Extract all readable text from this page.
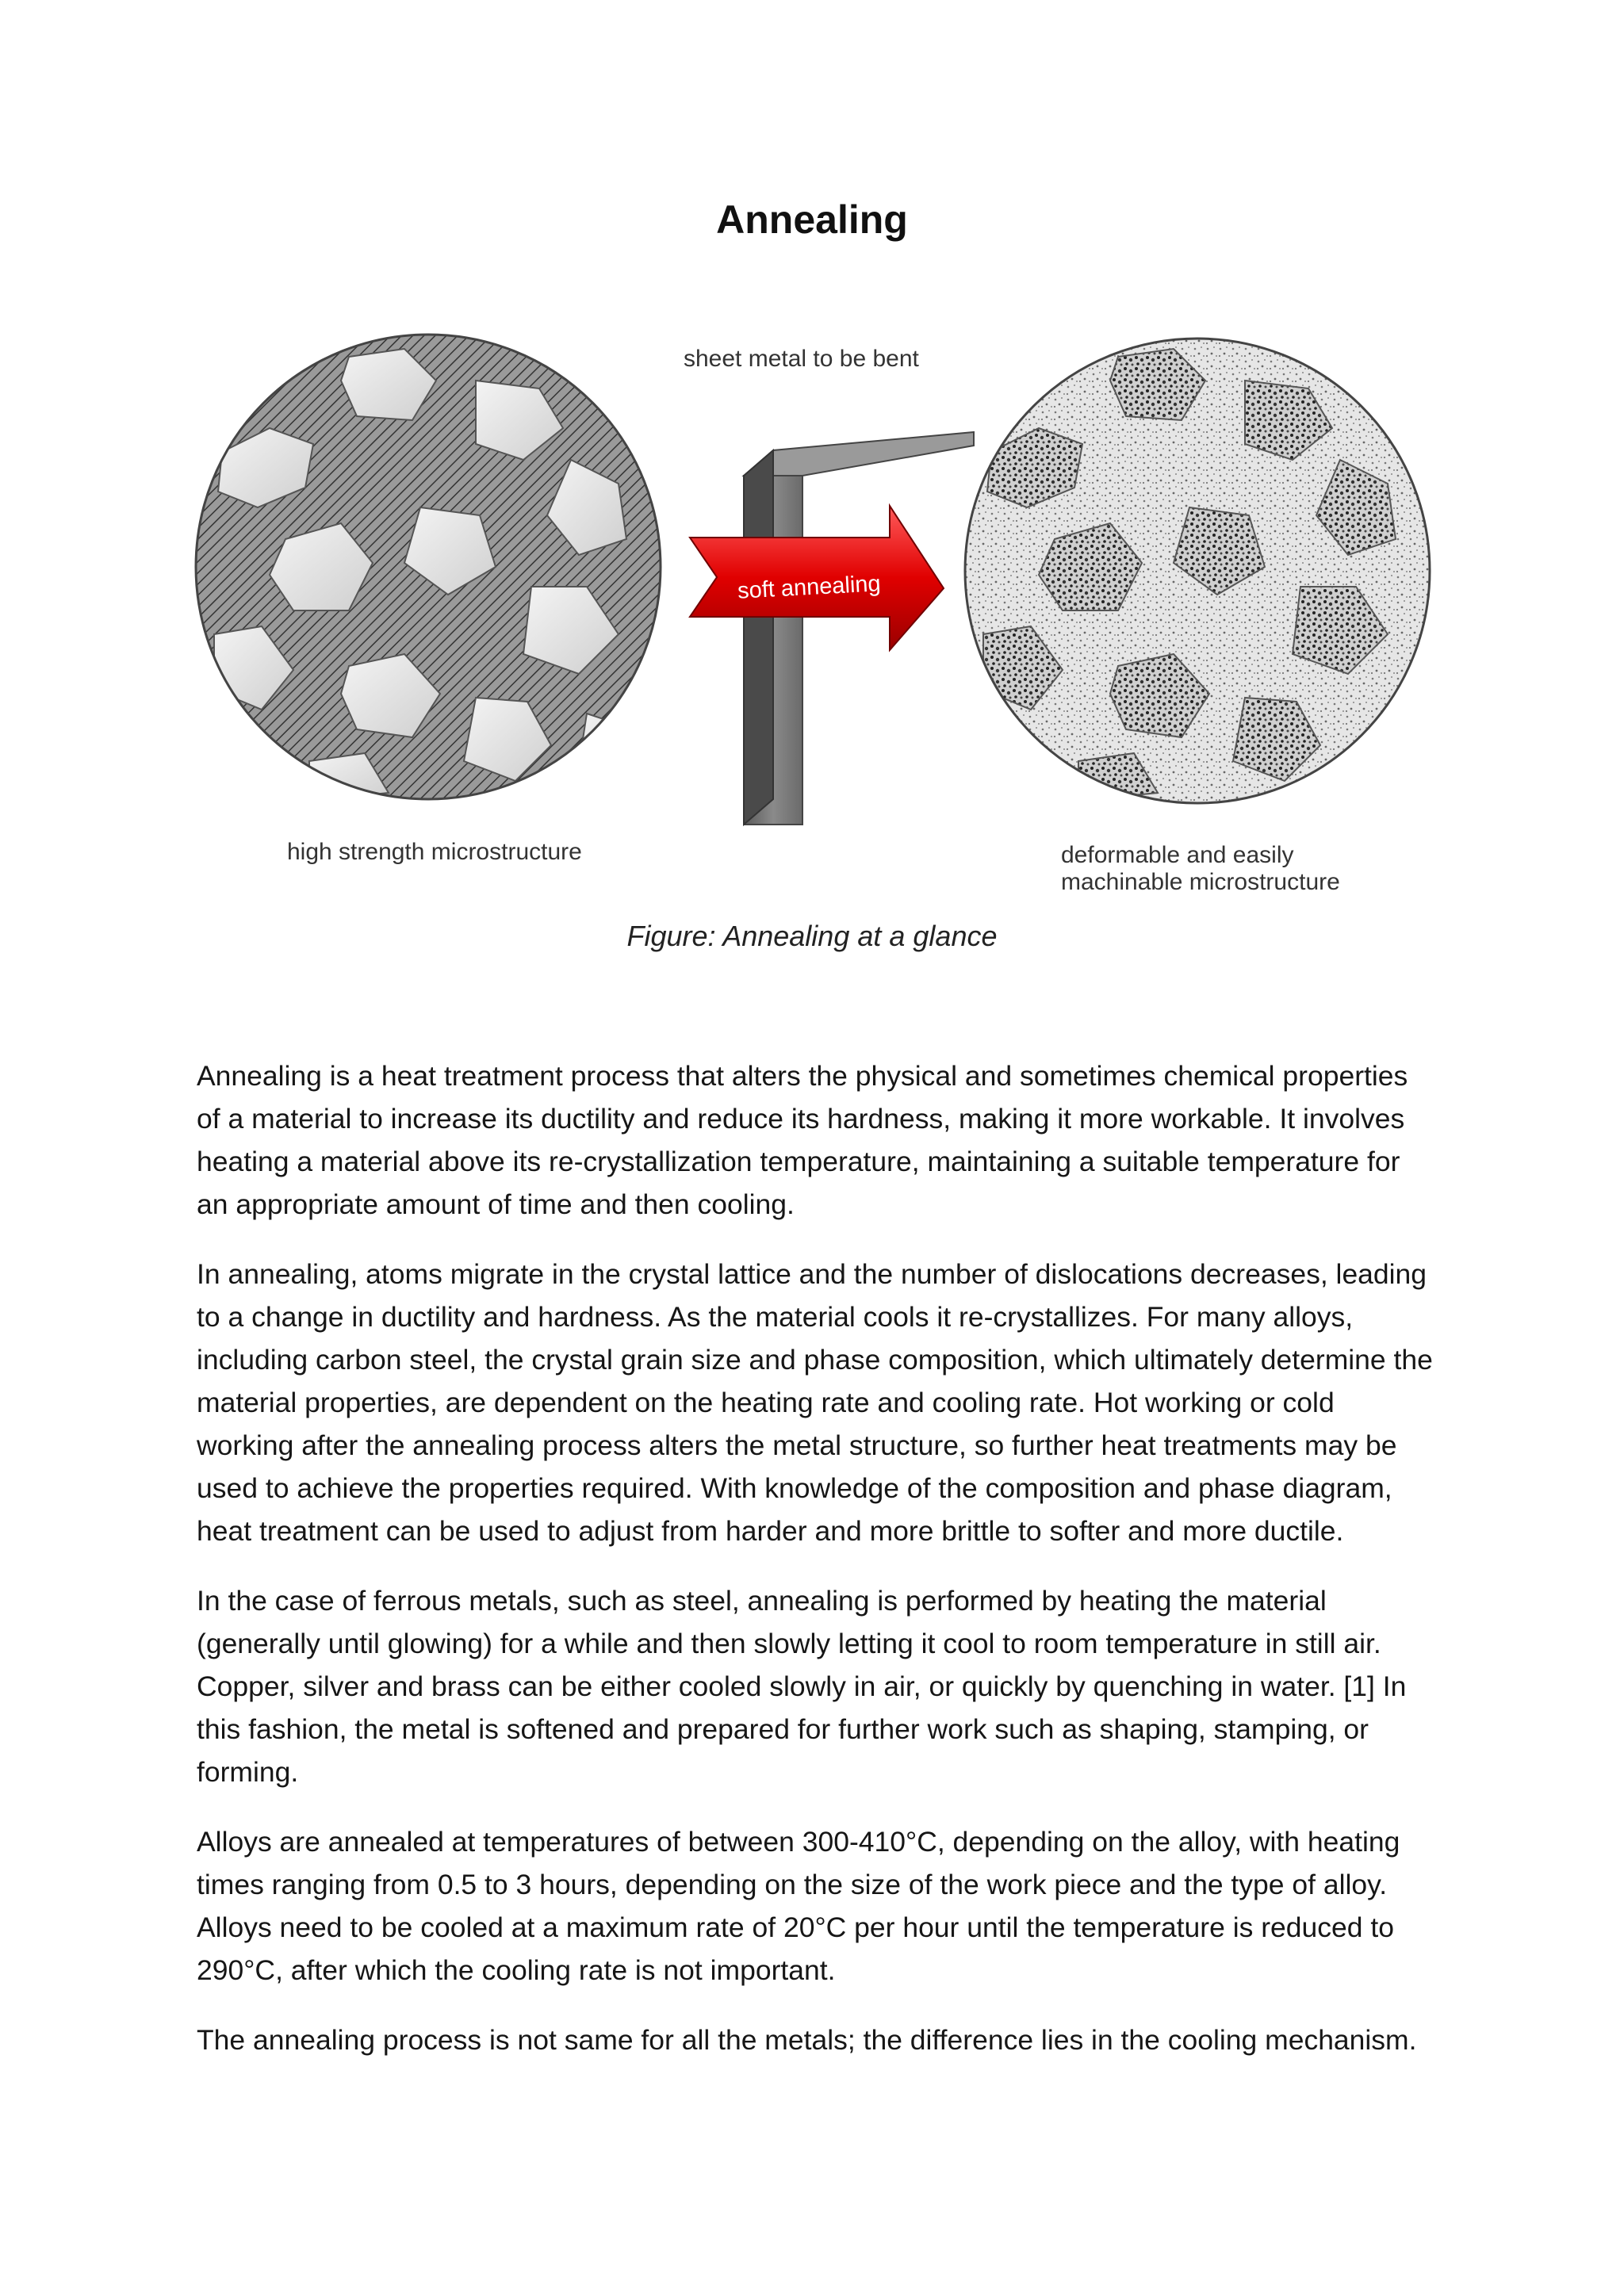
Annealing
soft annealing
sheet metal to be bent
high strength microstructure	deformable and easily
machinable microstructure

Figure: Annealing at a glance

Annealing is a heat treatment process that alters the physical and sometimes chemical properties of a material to increase its ductility and reduce its hardness, making it more workable. It involves heating a material above its re-crystallization temperature, maintaining a suitable temperature for an appropriate amount of time and then cooling.

In annealing, atoms migrate in the crystal lattice and the number of dislocations decreases, leading to a change in ductility and hardness. As the material cools it re-crystallizes. For many alloys, including carbon steel, the crystal grain size and phase composition, which ultimately determine the material properties, are dependent on the heating rate and cooling rate. Hot working or cold working after the annealing process alters the metal structure, so further heat treatments may be used to achieve the properties required. With knowledge of the composition and phase diagram, heat treatment can be used to adjust from harder and more brittle to softer and more ductile.

In the case of ferrous metals, such as steel, annealing is performed by heating the material (generally until glowing) for a while and then slowly letting it cool to room temperature in still air. Copper, silver and brass can be either cooled slowly in air, or quickly by quenching in water. [1] In this fashion, the metal is softened and prepared for further work such as shaping, stamping, or forming.

Alloys are annealed at temperatures of between 300-410°C, depending on the alloy, with heating times ranging from 0.5 to 3 hours, depending on the size of the work piece and the type of alloy. Alloys need to be cooled at a maximum rate of 20°C per hour until the temperature is reduced to 290°C, after which the cooling rate is not important.

The annealing process is not same for all the metals; the difference lies in the cooling mechanism.
